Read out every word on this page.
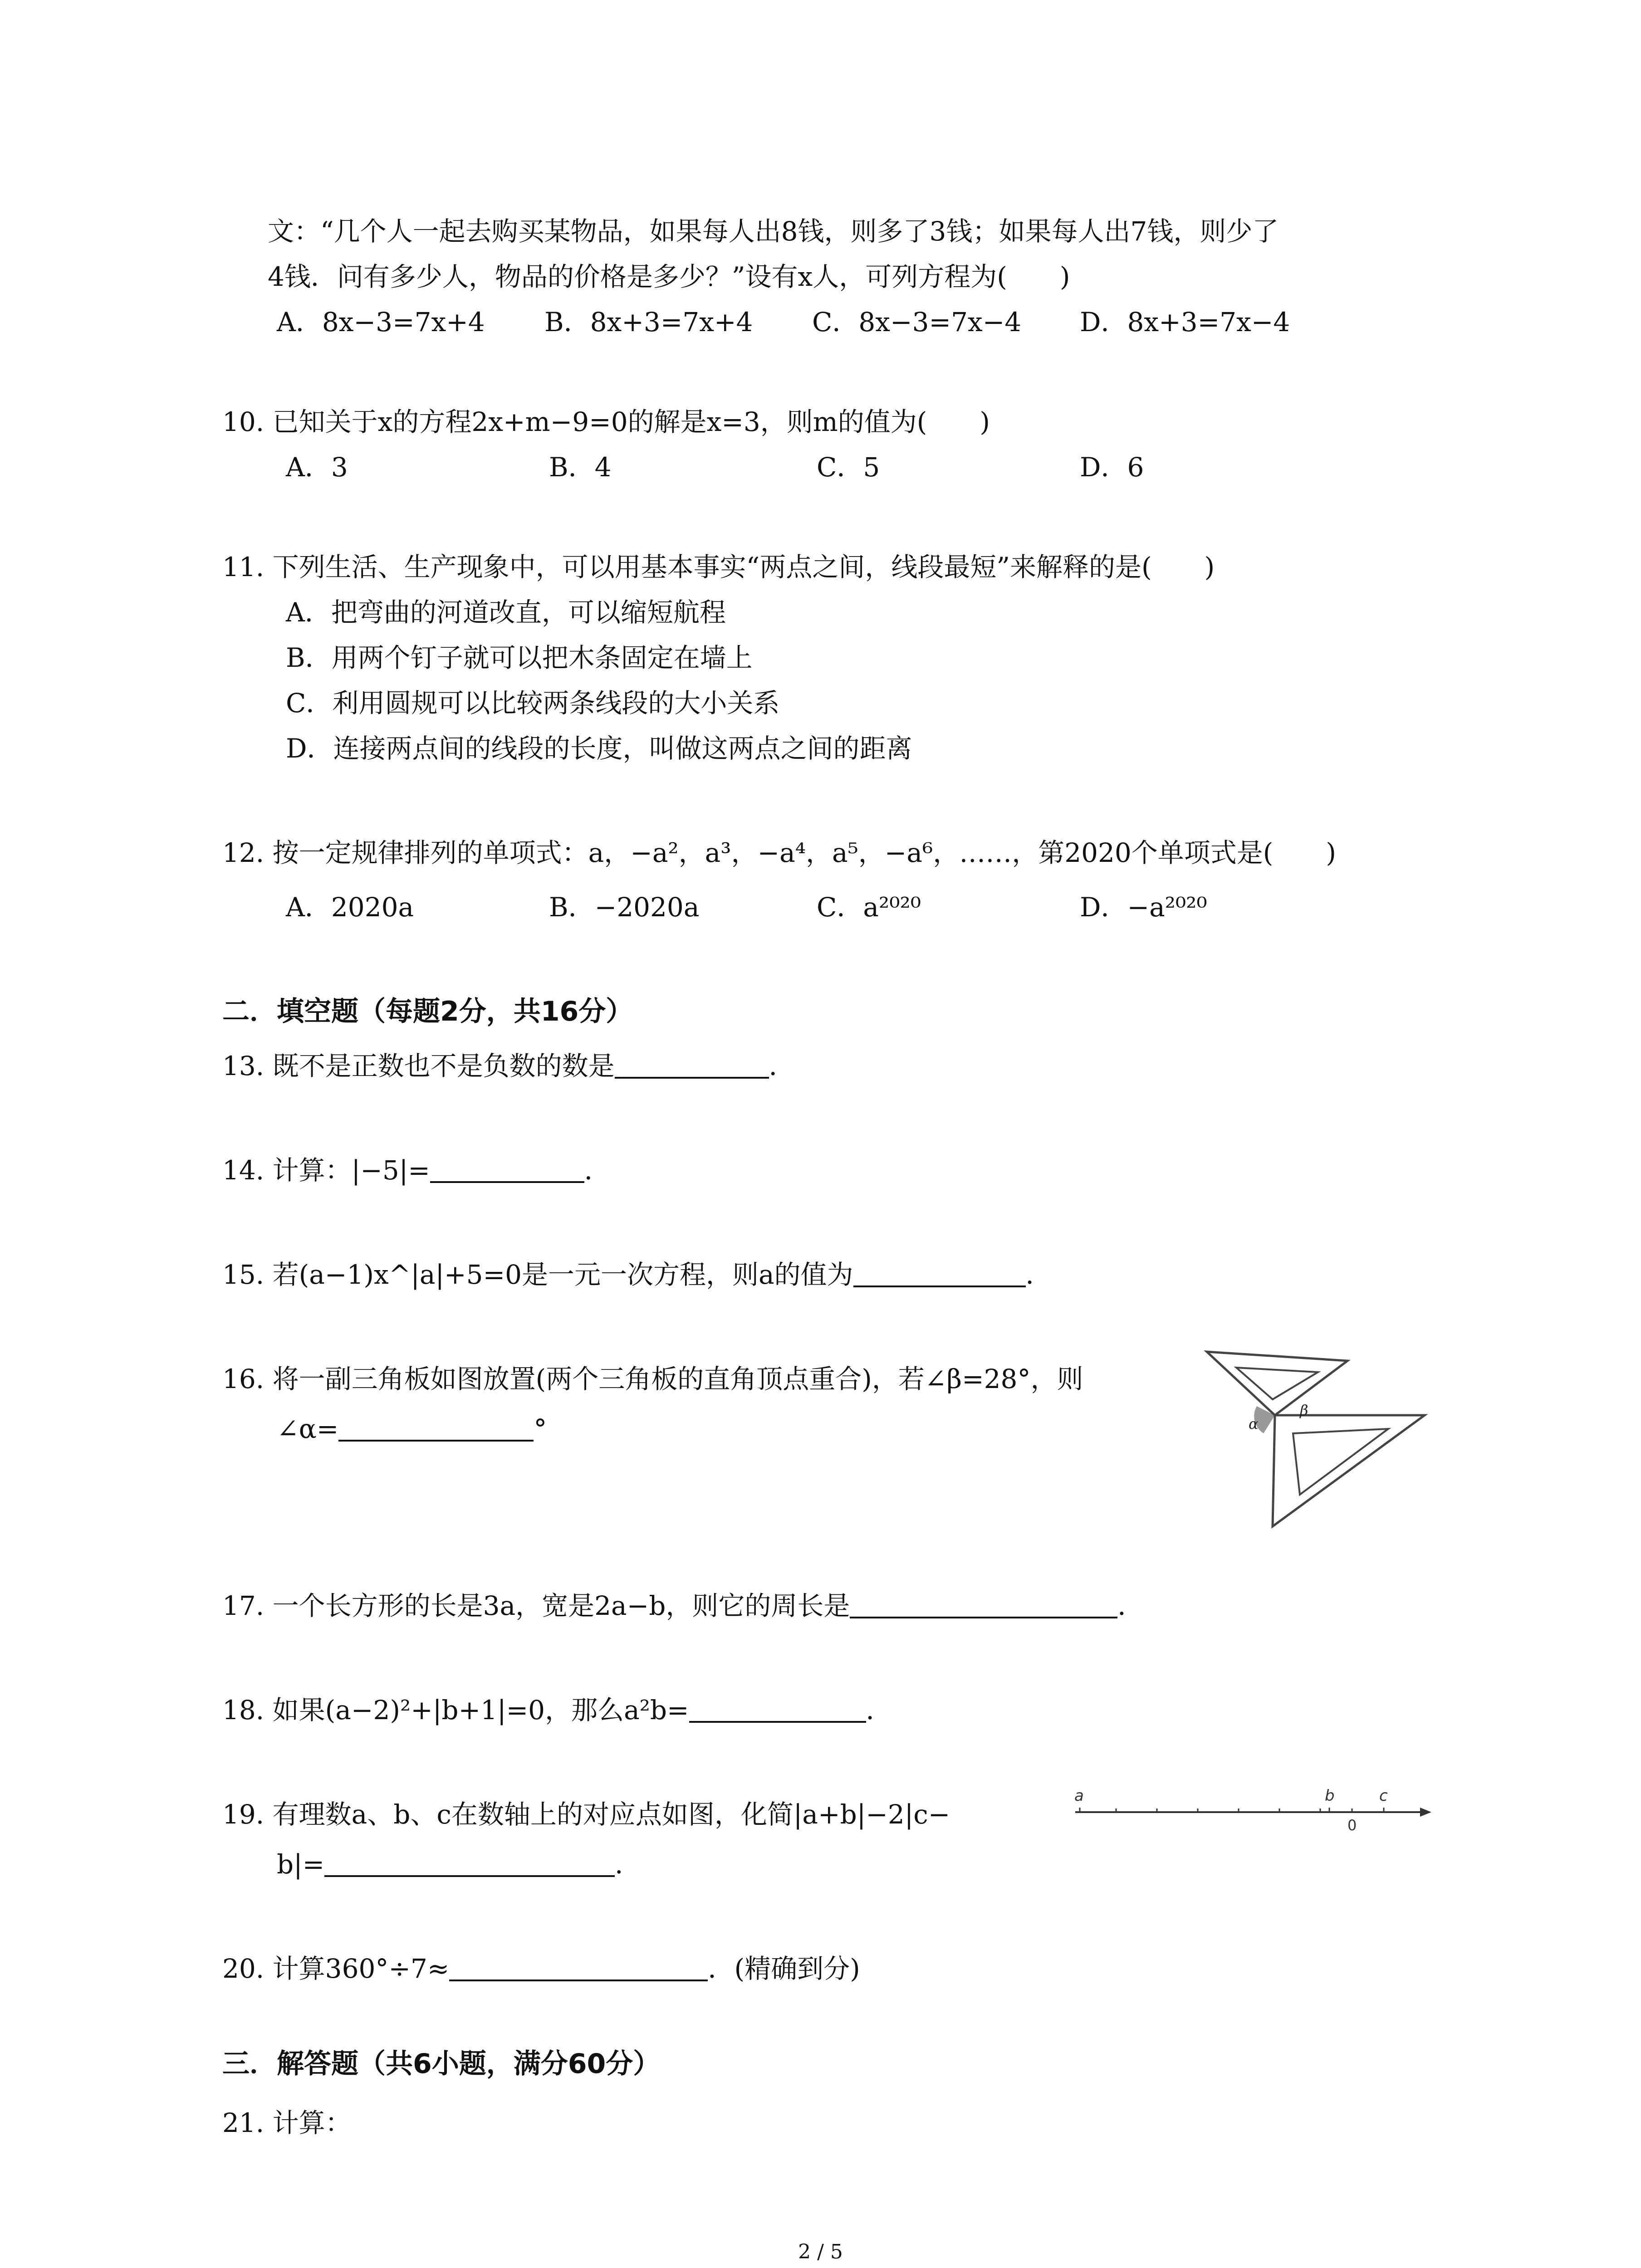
文：“几个人一起去购买某物品，如果每人出8钱，则多了3钱；如果每人出7钱，则少了
4钱．问有多少人，物品的价格是多少？”设有x人，可列方程为(　　)
A．8x−3=7x+4 B．8x+3=7x+4 C．8x−3=7x−4 D．8x+3=7x−4
10. 已知关于x的方程2x+m−9=0的解是x=3，则m的值为(　　)
A．3	B．4	C．5	D．6
11. 下列生活、生产现象中，可以用基本事实“两点之间，线段最短”来解释的是(　　)
A．把弯曲的河道改直，可以缩短航程
B．用两个钉子就可以把木条固定在墙上
C．利用圆规可以比较两条线段的大小关系
D．连接两点间的线段的长度，叫做这两点之间的距离
12. 按一定规律排列的单项式：a，−a²，a³，−a⁴，a⁵，−a⁶，……，第2020个单项式是(　　)
A．2020a	B．−2020a	C．a²⁰²⁰	D．−a²⁰²⁰
二．填空题（每题2分，共16分）
13. 既不是正数也不是负数的数是	．
14. 计算：|−5|=	．
15. 若(a−1)x^|a|+5=0是一元一次方程，则a的值为	．
16. 将一副三角板如图放置(两个三角板的直角顶点重合)，若∠β=28°，则
∠α=	°	α
β
17. 一个长方形的长是3a，宽是2a−b，则它的周长是	．
18. 如果(a−2)²+|b+1|=0，那么a²b=	．
19. 有理数a、b、c在数轴上的对应点如图，化简|a+b|−2|c−
b|=	．
a	b	c
0
20. 计算360°÷7≈	．(精确到分)
三．解答题（共6小题，满分60分）
21. 计算：
2 / 5
